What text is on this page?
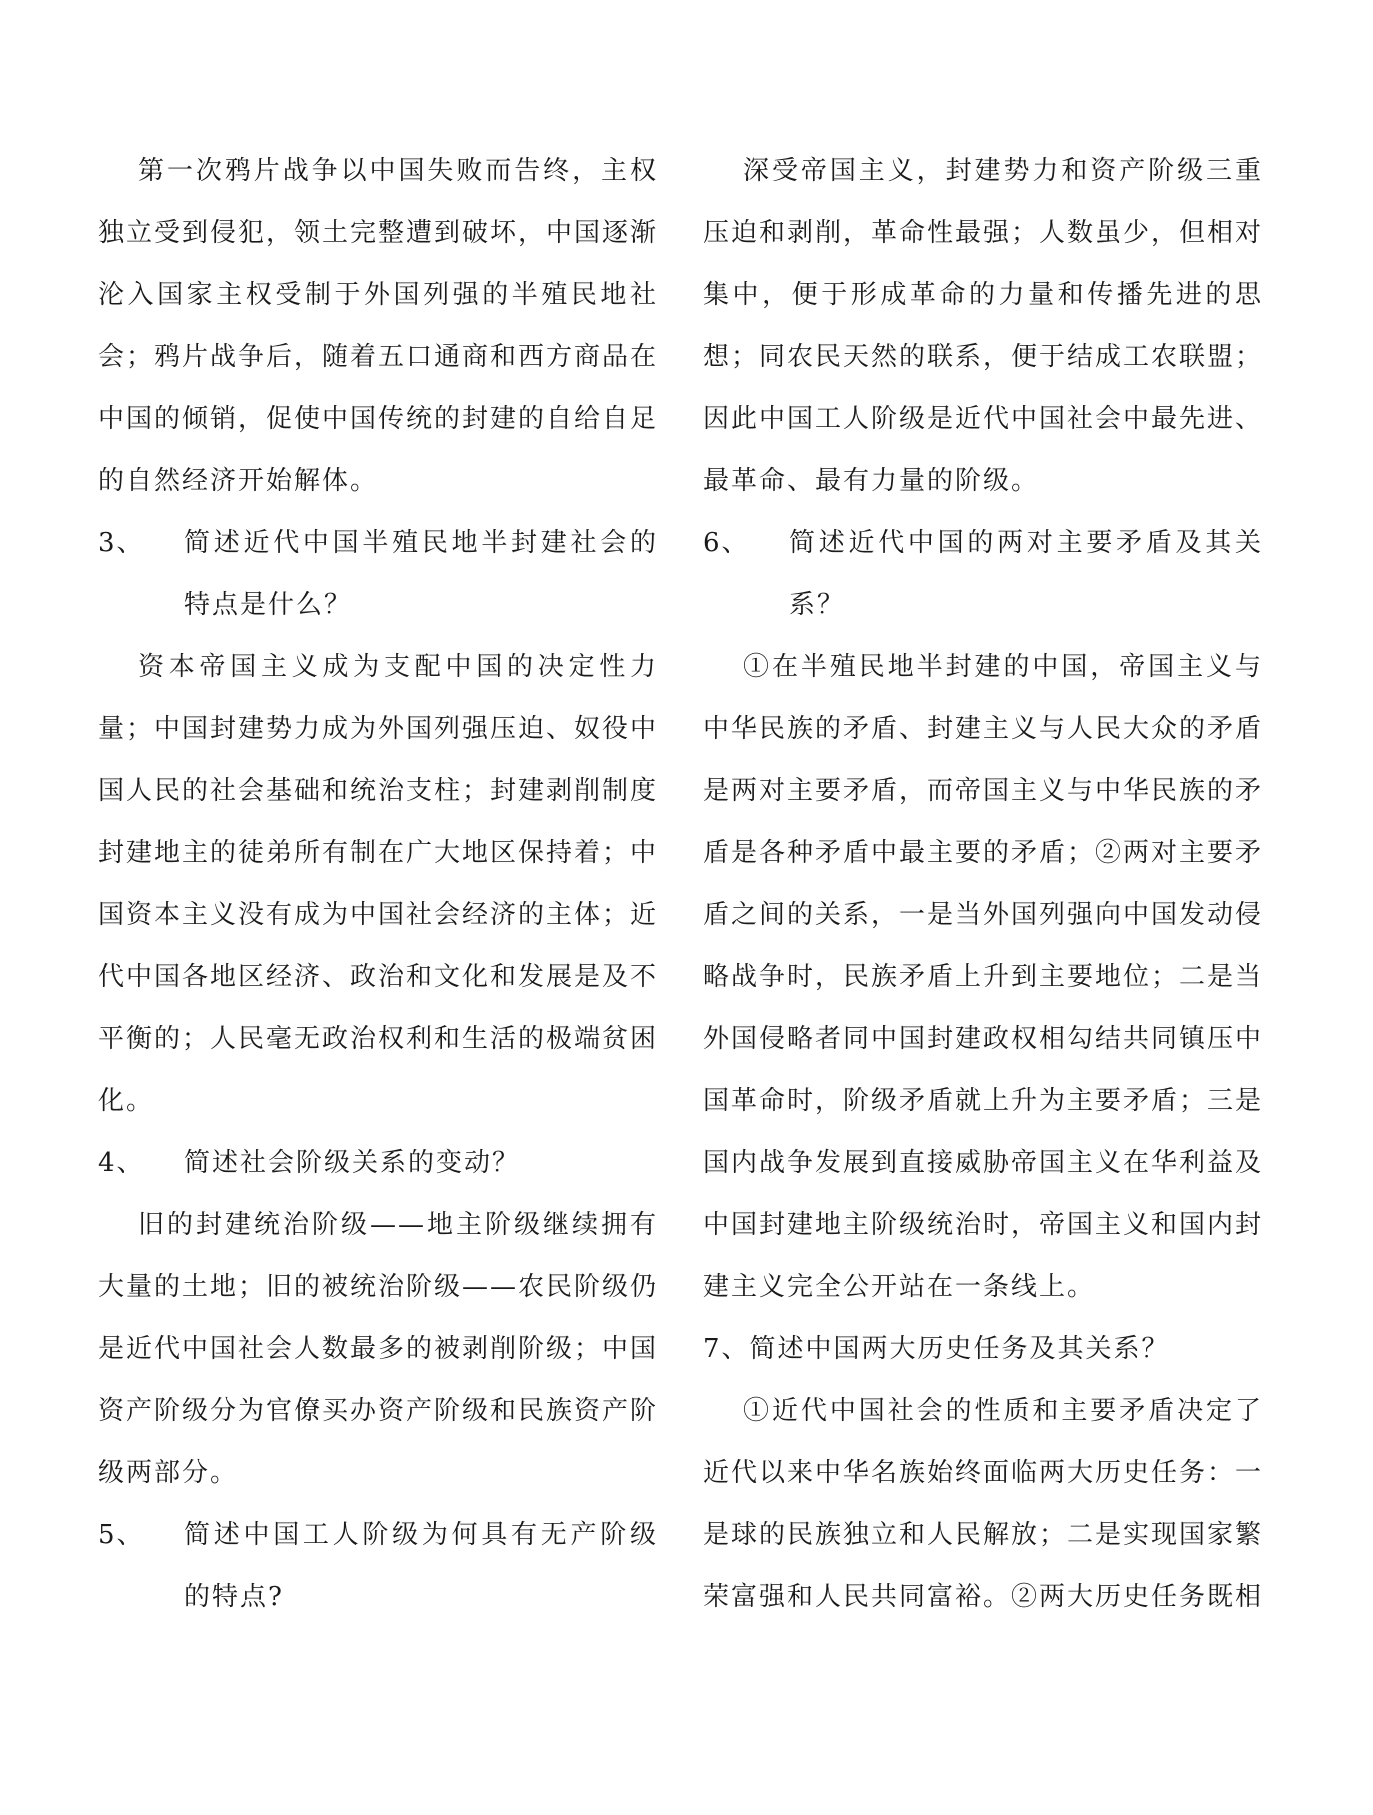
第一次鸦片战争以中国失败而告终，主权独立受到侵犯，领土完整遭到破坏，中国逐渐沦入国家主权受制于外国列强的半殖民地社会；鸦片战争后，随着五口通商和西方商品在中国的倾销，促使中国传统的封建的自给自足的自然经济开始解体。

3、	简述近代中国半殖民地半封建社会的特点是什么？

资本帝国主义成为支配中国的决定性力量；中国封建势力成为外国列强压迫、奴役中国人民的社会基础和统治支柱；封建剥削制度封建地主的徒弟所有制在广大地区保持着；中国资本主义没有成为中国社会经济的主体；近代中国各地区经济、政治和文化和发展是及不平衡的；人民毫无政治权利和生活的极端贫困化。

4、	简述社会阶级关系的变动？

旧的封建统治阶级——地主阶级继续拥有大量的土地；旧的被统治阶级——农民阶级仍是近代中国社会人数最多的被剥削阶级；中国资产阶级分为官僚买办资产阶级和民族资产阶级两部分。

5、	简述中国工人阶级为何具有无产阶级的特点?

深受帝国主义，封建势力和资产阶级三重压迫和剥削，革命性最强；人数虽少，但相对集中，便于形成革命的力量和传播先进的思想；同农民天然的联系，便于结成工农联盟；因此中国工人阶级是近代中国社会中最先进、最革命、最有力量的阶级。

6、	简述近代中国的两对主要矛盾及其关系？

①在半殖民地半封建的中国，帝国主义与中华民族的矛盾、封建主义与人民大众的矛盾是两对主要矛盾，而帝国主义与中华民族的矛盾是各种矛盾中最主要的矛盾；②两对主要矛盾之间的关系，一是当外国列强向中国发动侵略战争时，民族矛盾上升到主要地位；二是当外国侵略者同中国封建政权相勾结共同镇压中国革命时，阶级矛盾就上升为主要矛盾；三是国内战争发展到直接威胁帝国主义在华利益及中国封建地主阶级统治时，帝国主义和国内封建主义完全公开站在一条线上。

7、简述中国两大历史任务及其关系？

①近代中国社会的性质和主要矛盾决定了近代以来中华名族始终面临两大历史任务：一是球的民族独立和人民解放；二是实现国家繁荣富强和人民共同富裕。②两大历史任务既相
